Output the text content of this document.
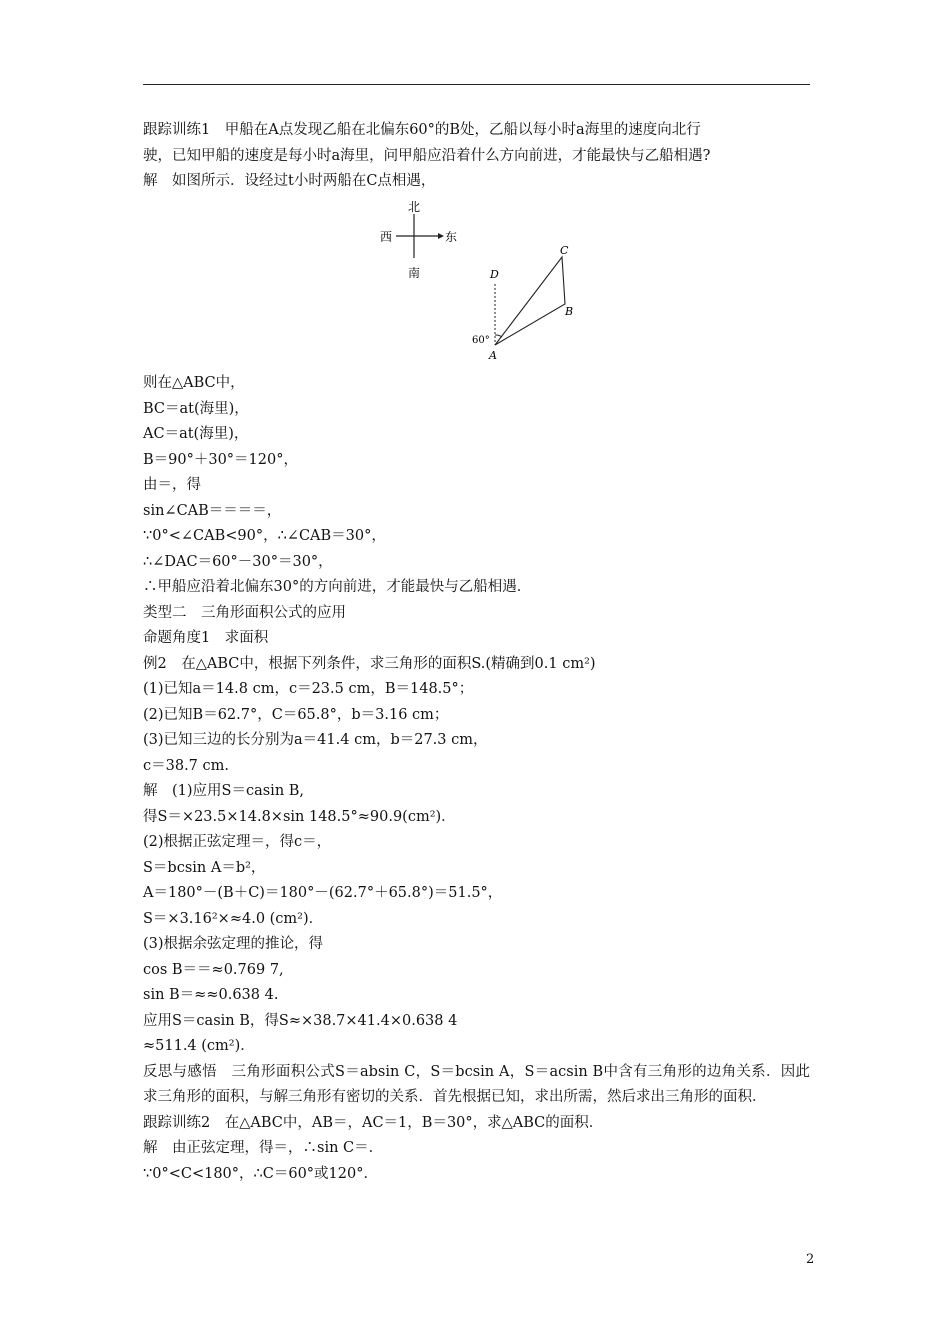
跟踪训练1　甲船在A点发现乙船在北偏东60°的B处，乙船以每小时a海里的速度向北行
驶，已知甲船的速度是每小时a海里，问甲船应沿着什么方向前进，才能最快与乙船相遇?
解　如图所示．设经过t小时两船在C点相遇，
北
南
西	东
C
D
B
A
60°
则在△ABC中，
BC＝at(海里)，
AC＝at(海里)，
B＝90°＋30°＝120°，
由＝，得
sin∠CAB＝＝＝＝，
∵0°<∠CAB<90°，∴∠CAB＝30°，
∴∠DAC＝60°－30°＝30°，
∴甲船应沿着北偏东30°的方向前进，才能最快与乙船相遇．
类型二　三角形面积公式的应用
命题角度1　求面积
例2　在△ABC中，根据下列条件，求三角形的面积S.(精确到0.1 cm²)
(1)已知a＝14.8 cm，c＝23.5 cm，B＝148.5°；
(2)已知B＝62.7°，C＝65.8°，b＝3.16 cm；
(3)已知三边的长分别为a＝41.4 cm，b＝27.3 cm，
c＝38.7 cm.
解　(1)应用S＝casin B,
得S＝×23.5×14.8×sin 148.5°≈90.9(cm²)．
(2)根据正弦定理＝，得c＝，
S＝bcsin A＝b²，
A＝180°－(B＋C)＝180°－(62.7°＋65.8°)＝51.5°，
S＝×3.16²×≈4.0 (cm²)．
(3)根据余弦定理的推论，得
cos B＝＝≈0.769 7,
sin B＝≈≈0.638 4.
应用S＝casin B，得S≈×38.7×41.4×0.638 4
≈511.4 (cm²)．
反思与感悟　三角形面积公式S＝absin C，S＝bcsin A，S＝acsin B中含有三角形的边角关系．因此求三角形的面积，与解三角形有密切的关系．首先根据已知，求出所需，然后求出三角形的面积．
跟踪训练2　在△ABC中，AB＝，AC＝1，B＝30°，求△ABC的面积．
解　由正弦定理，得＝，∴sin C＝．
∵0°<C<180°，∴C＝60°或120°．
2
